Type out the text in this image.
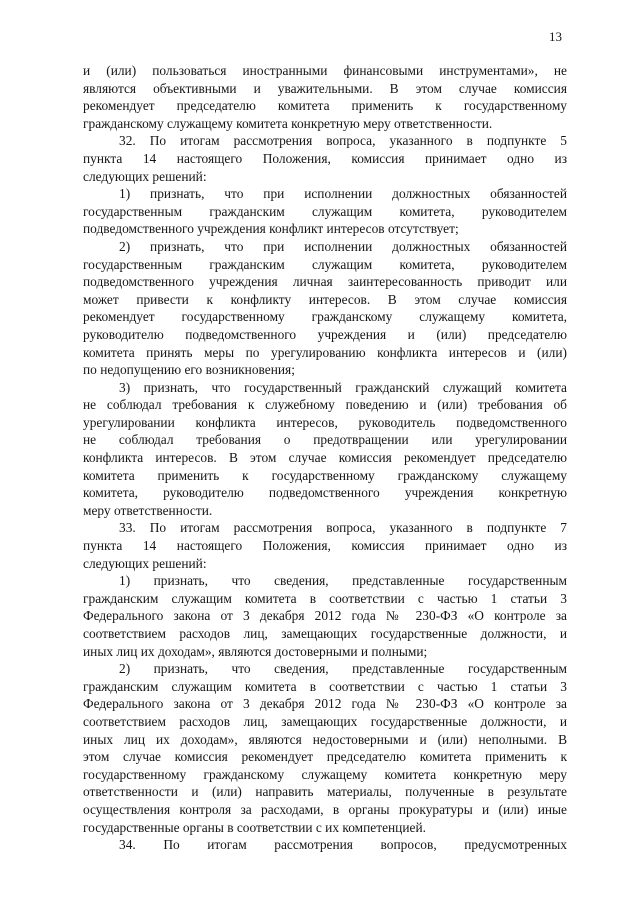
13
и (или) пользоваться иностранными финансовыми инструментами», не
являются объективными и уважительными. В этом случае комиссия
рекомендует председателю комитета применить к государственному
гражданскому служащему комитета конкретную меру ответственности.
32. По итогам рассмотрения вопроса, указанного в подпункте 5
пункта 14 настоящего Положения, комиссия принимает одно из
следующих решений:
1) признать, что при исполнении должностных обязанностей
государственным гражданским служащим комитета, руководителем
подведомственного учреждения конфликт интересов отсутствует;
2) признать, что при исполнении должностных обязанностей
государственным гражданским служащим комитета, руководителем
подведомственного учреждения личная заинтересованность приводит или
может привести к конфликту интересов. В этом случае комиссия
рекомендует государственному гражданскому служащему комитета,
руководителю подведомственного учреждения и (или) председателю
комитета принять меры по урегулированию конфликта интересов и (или)
по недопущению его возникновения;
3) признать, что государственный гражданский служащий комитета
не соблюдал требования к служебному поведению и (или) требования об
урегулировании конфликта интересов, руководитель подведомственного
не соблюдал требования о предотвращении или урегулировании
конфликта интересов. В этом случае комиссия рекомендует председателю
комитета применить к государственному гражданскому служащему
комитета, руководителю подведомственного учреждения конкретную
меру ответственности.
33. По итогам рассмотрения вопроса, указанного в подпункте 7
пункта 14 настоящего Положения, комиссия принимает одно из
следующих решений:
1) признать, что сведения, представленные государственным
гражданским служащим комитета в соответствии с частью 1 статьи 3
Федерального закона от 3 декабря 2012 года № 230-ФЗ «О контроле за
соответствием расходов лиц, замещающих государственные должности, и
иных лиц их доходам», являются достоверными и полными;
2) признать, что сведения, представленные государственным
гражданским служащим комитета в соответствии с частью 1 статьи 3
Федерального закона от 3 декабря 2012 года № 230-ФЗ «О контроле за
соответствием расходов лиц, замещающих государственные должности, и
иных лиц их доходам», являются недостоверными и (или) неполными. В
этом случае комиссия рекомендует председателю комитета применить к
государственному гражданскому служащему комитета конкретную меру
ответственности и (или) направить материалы, полученные в результате
осуществления контроля за расходами, в органы прокуратуры и (или) иные
государственные органы в соответствии с их компетенцией.
34. По итогам рассмотрения вопросов, предусмотренных
